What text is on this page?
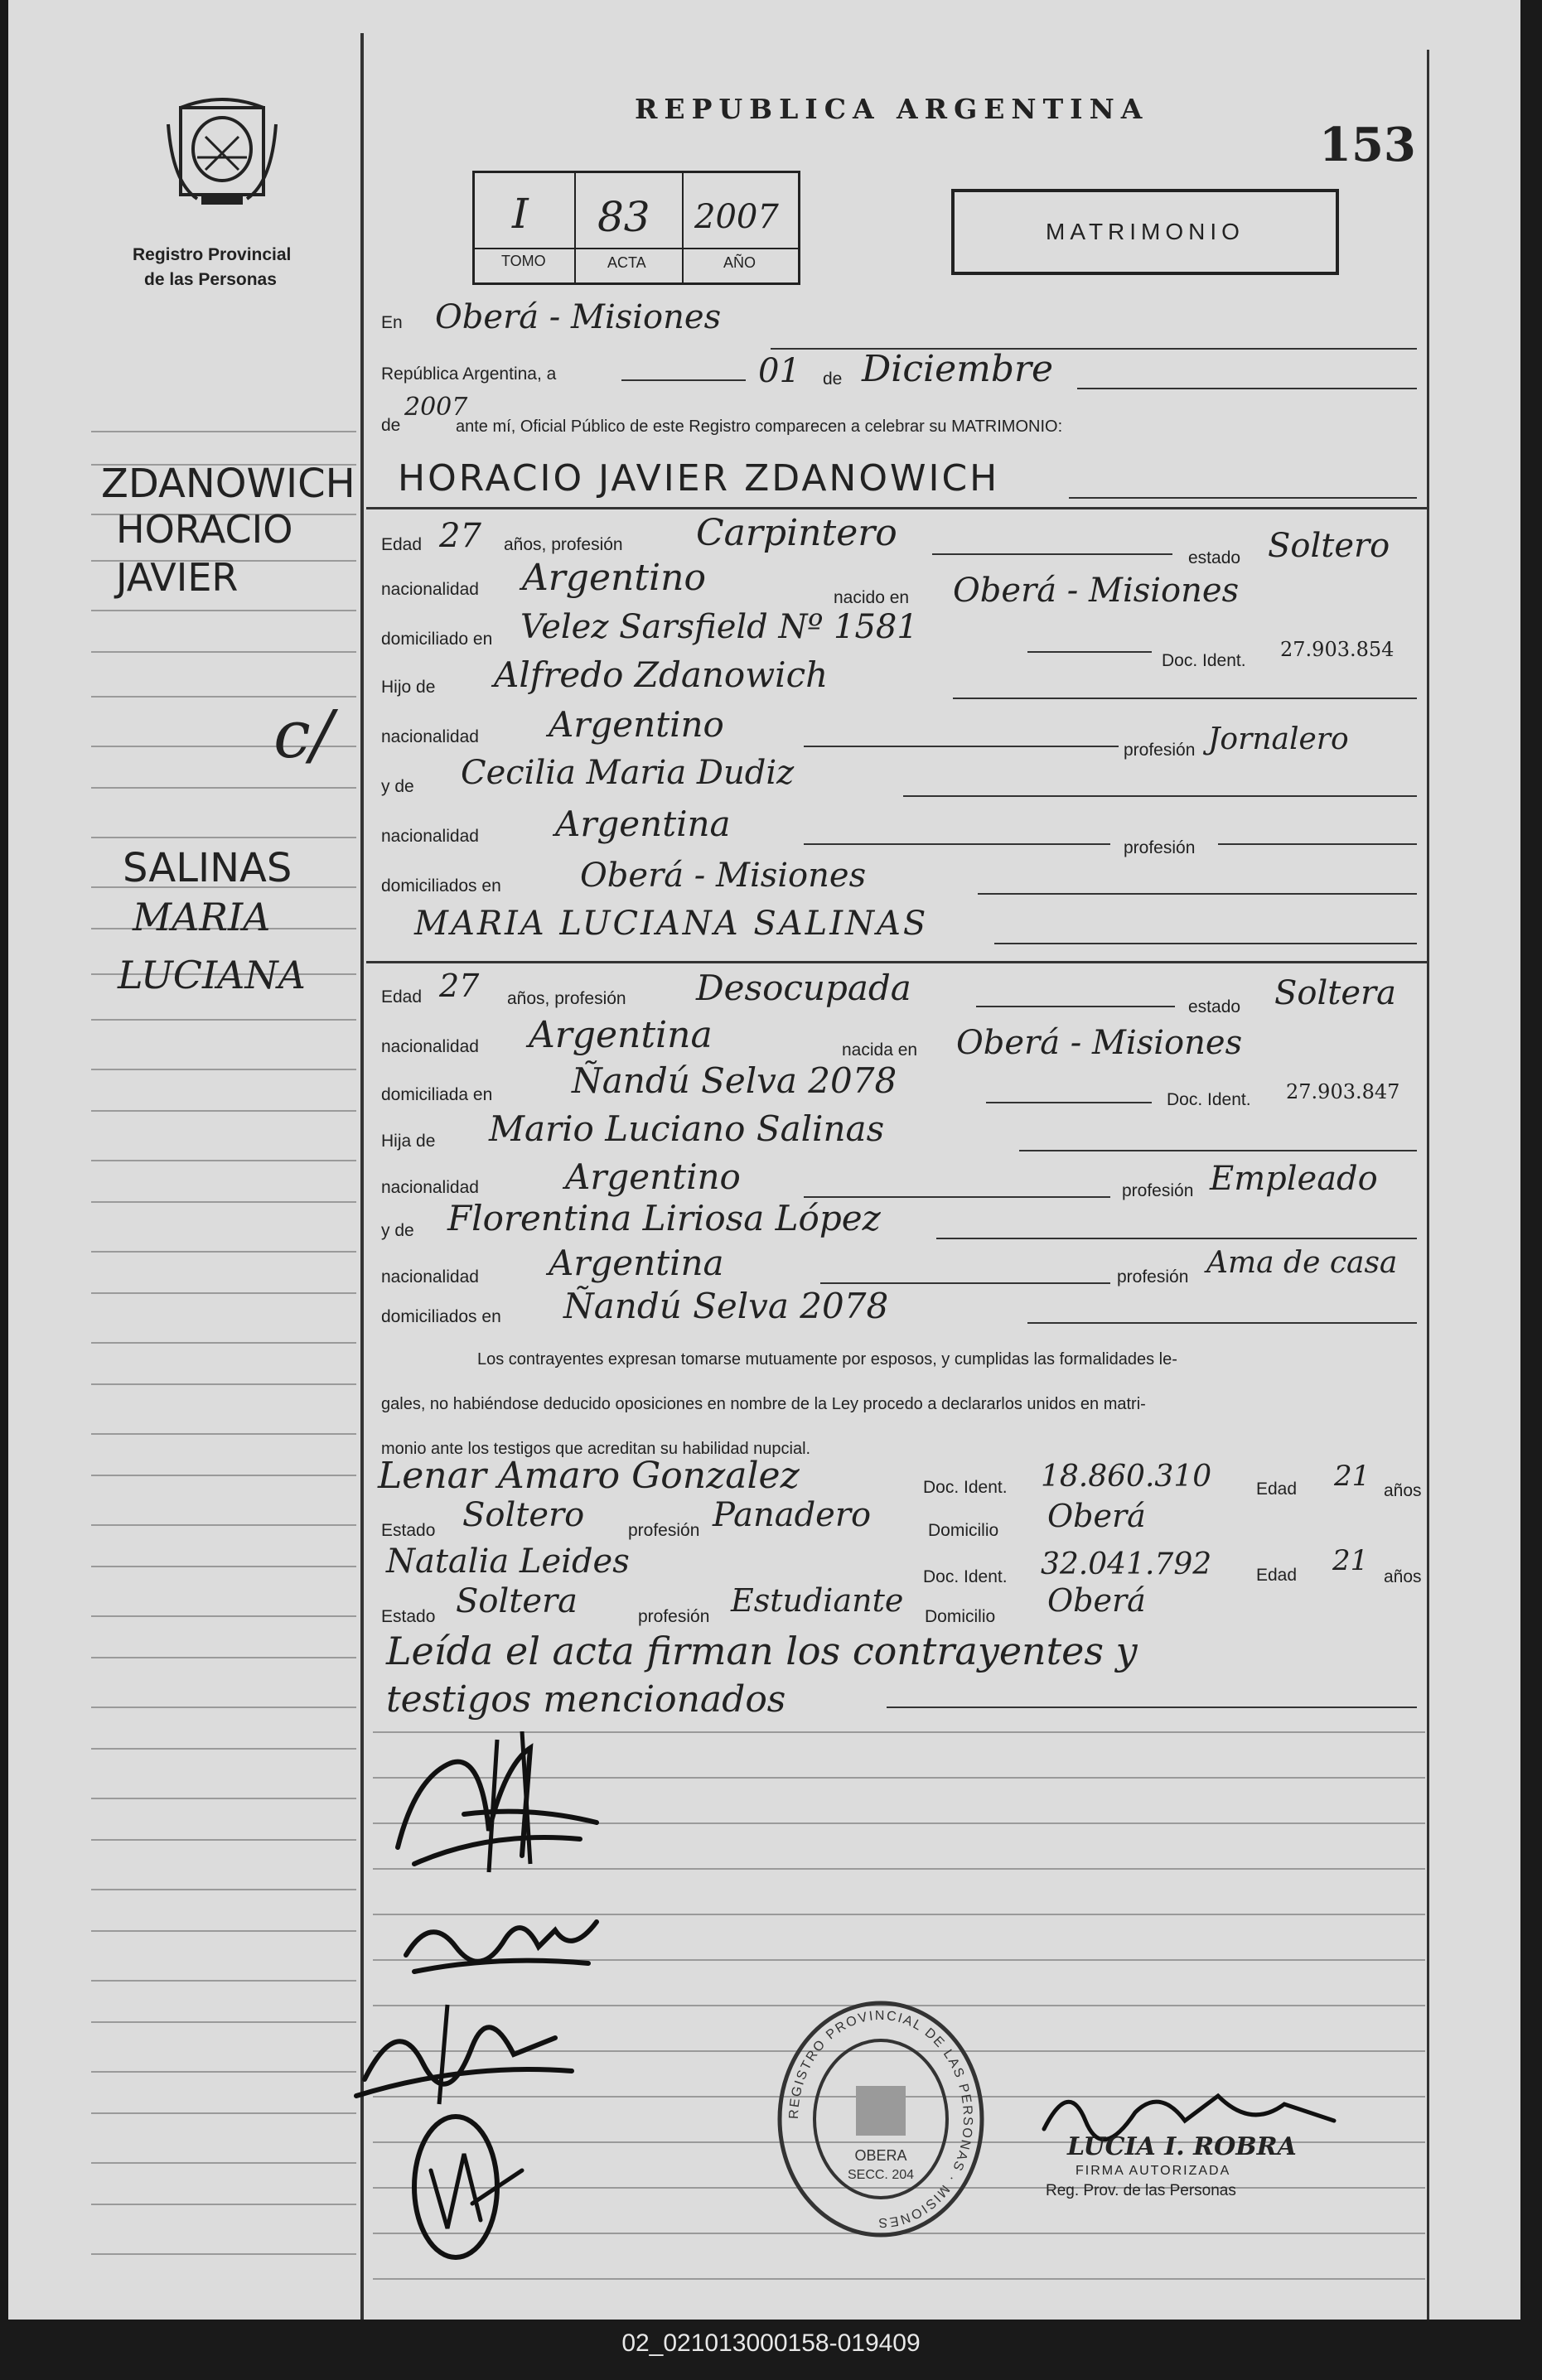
Registro Provincial
de las Personas
REPUBLICA ARGENTINA
153
I 83 2007
TOMO	ACTA	AÑO
MATRIMONIO
ZDANOWICH
HORACIO
JAVIER
c/
SALINAS
MARIA
LUCIANA
En Oberá - Misiones
República Argentina, a	01 de Diciembre
de
2007
ante mí, Oficial Público de este Registro comparecen a celebrar su MATRIMONIO:
HORACIO JAVIER ZDANOWICH
Edad 27 años, profesión Carpintero
estado Soltero
nacionalidad Argentino	nacido en Oberá - Misiones
domiciliado en Velez Sarsfield Nº 1581
Doc. Ident. 27.903.854
Hijo de Alfredo Zdanowich
nacionalidad Argentino
profesión Jornalero
y de Cecilia Maria Dudiz
nacionalidad Argentina
profesión
domiciliados en Oberá - Misiones
MARIA LUCIANA SALINAS
Edad 27 años, profesión Desocupada	estado Soltera
nacionalidad Argentina	nacida en Oberá - Misiones
domiciliada en Ñandú Selva 2078	Doc. Ident. 27.903.847
Hija de Mario Luciano Salinas
nacionalidad Argentino	profesión Empleado
y de Florentina Liriosa López
nacionalidad Argentina	profesión Ama de casa
domiciliados en Ñandú Selva 2078
Los contrayentes expresan tomarse mutuamente por esposos, y cumplidas las formalidades le-
gales, no habiéndose deducido oposiciones en nombre de la Ley procedo a declararlos unidos en matri-
monio ante los testigos que acreditan su habilidad nupcial.
Lenar Amaro Gonzalez	Doc. Ident. 18.860.310	Edad 21 años
Estado Soltero	profesión Panadero	Domicilio Oberá
Natalia Leides	Doc. Ident. 32.041.792	Edad 21 años
Estado Soltera	profesión Estudiante Domicilio Oberá
Leída el acta firman los contrayentes y
testigos mencionados
REGISTRO PROVINCIAL DE LAS PERSONAS · MISIONES
OBERA
SECC. 204
LUCIA I. ROBRA
FIRMA AUTORIZADA
Reg. Prov. de las Personas
02_021013000158-019409
